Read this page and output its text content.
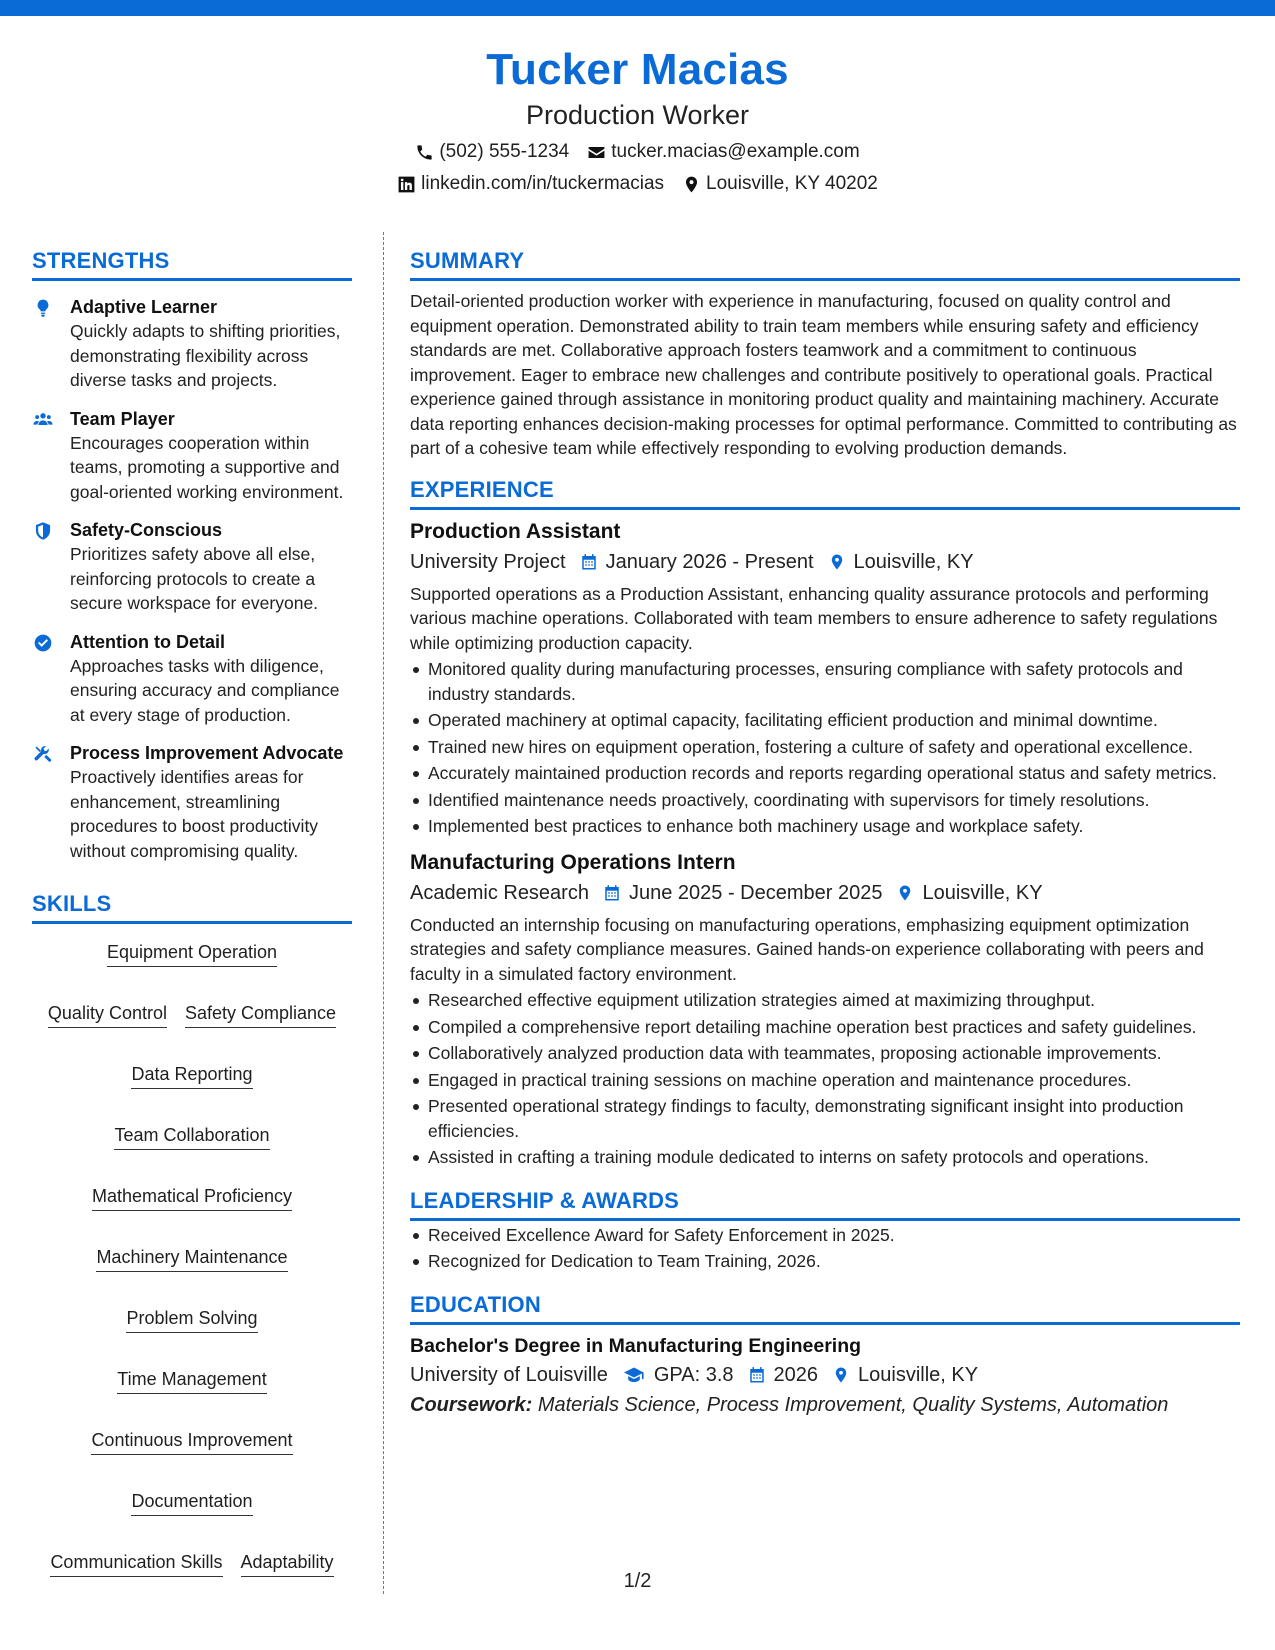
Tucker Macias
Production Worker
(502) 555-1234 tucker.macias@example.com
linkedin.com/in/tuckermacias Louisville, KY 40202
STRENGTHS
Adaptive Learner
Quickly adapts to shifting priorities, demonstrating flexibility across diverse tasks and projects.
Team Player
Encourages cooperation within teams, promoting a supportive and goal-oriented working environment.
Safety-Conscious
Prioritizes safety above all else, reinforcing protocols to create a secure workspace for everyone.
Attention to Detail
Approaches tasks with diligence, ensuring accuracy and compliance at every stage of production.
Process Improvement Advocate
Proactively identifies areas for enhancement, streamlining procedures to boost productivity without compromising quality.
SKILLS
Equipment Operation
Quality Control Safety Compliance
Data Reporting
Team Collaboration
Mathematical Proficiency
Machinery Maintenance
Problem Solving
Time Management
Continuous Improvement
Documentation
Communication Skills Adaptability
SUMMARY
Detail-oriented production worker with experience in manufacturing, focused on quality control and equipment operation. Demonstrated ability to train team members while ensuring safety and efficiency standards are met. Collaborative approach fosters teamwork and a commitment to continuous improvement. Eager to embrace new challenges and contribute positively to operational goals. Practical experience gained through assistance in monitoring product quality and maintaining machinery. Accurate data reporting enhances decision-making processes for optimal performance. Committed to contributing as part of a cohesive team while effectively responding to evolving production demands.
EXPERIENCE
Production Assistant
University Project January 2026 - Present Louisville, KY
Supported operations as a Production Assistant, enhancing quality assurance protocols and performing various machine operations. Collaborated with team members to ensure adherence to safety regulations while optimizing production capacity.
Monitored quality during manufacturing processes, ensuring compliance with safety protocols and industry standards.
Operated machinery at optimal capacity, facilitating efficient production and minimal downtime.
Trained new hires on equipment operation, fostering a culture of safety and operational excellence.
Accurately maintained production records and reports regarding operational status and safety metrics.
Identified maintenance needs proactively, coordinating with supervisors for timely resolutions.
Implemented best practices to enhance both machinery usage and workplace safety.
Manufacturing Operations Intern
Academic Research June 2025 - December 2025 Louisville, KY
Conducted an internship focusing on manufacturing operations, emphasizing equipment optimization strategies and safety compliance measures. Gained hands-on experience collaborating with peers and faculty in a simulated factory environment.
Researched effective equipment utilization strategies aimed at maximizing throughput.
Compiled a comprehensive report detailing machine operation best practices and safety guidelines.
Collaboratively analyzed production data with teammates, proposing actionable improvements.
Engaged in practical training sessions on machine operation and maintenance procedures.
Presented operational strategy findings to faculty, demonstrating significant insight into production efficiencies.
Assisted in crafting a training module dedicated to interns on safety protocols and operations.
LEADERSHIP & AWARDS
Received Excellence Award for Safety Enforcement in 2025.
Recognized for Dedication to Team Training, 2026.
EDUCATION
Bachelor's Degree in Manufacturing Engineering
University of Louisville GPA: 3.8 2026 Louisville, KY
Coursework: Materials Science, Process Improvement, Quality Systems, Automation
1/2
